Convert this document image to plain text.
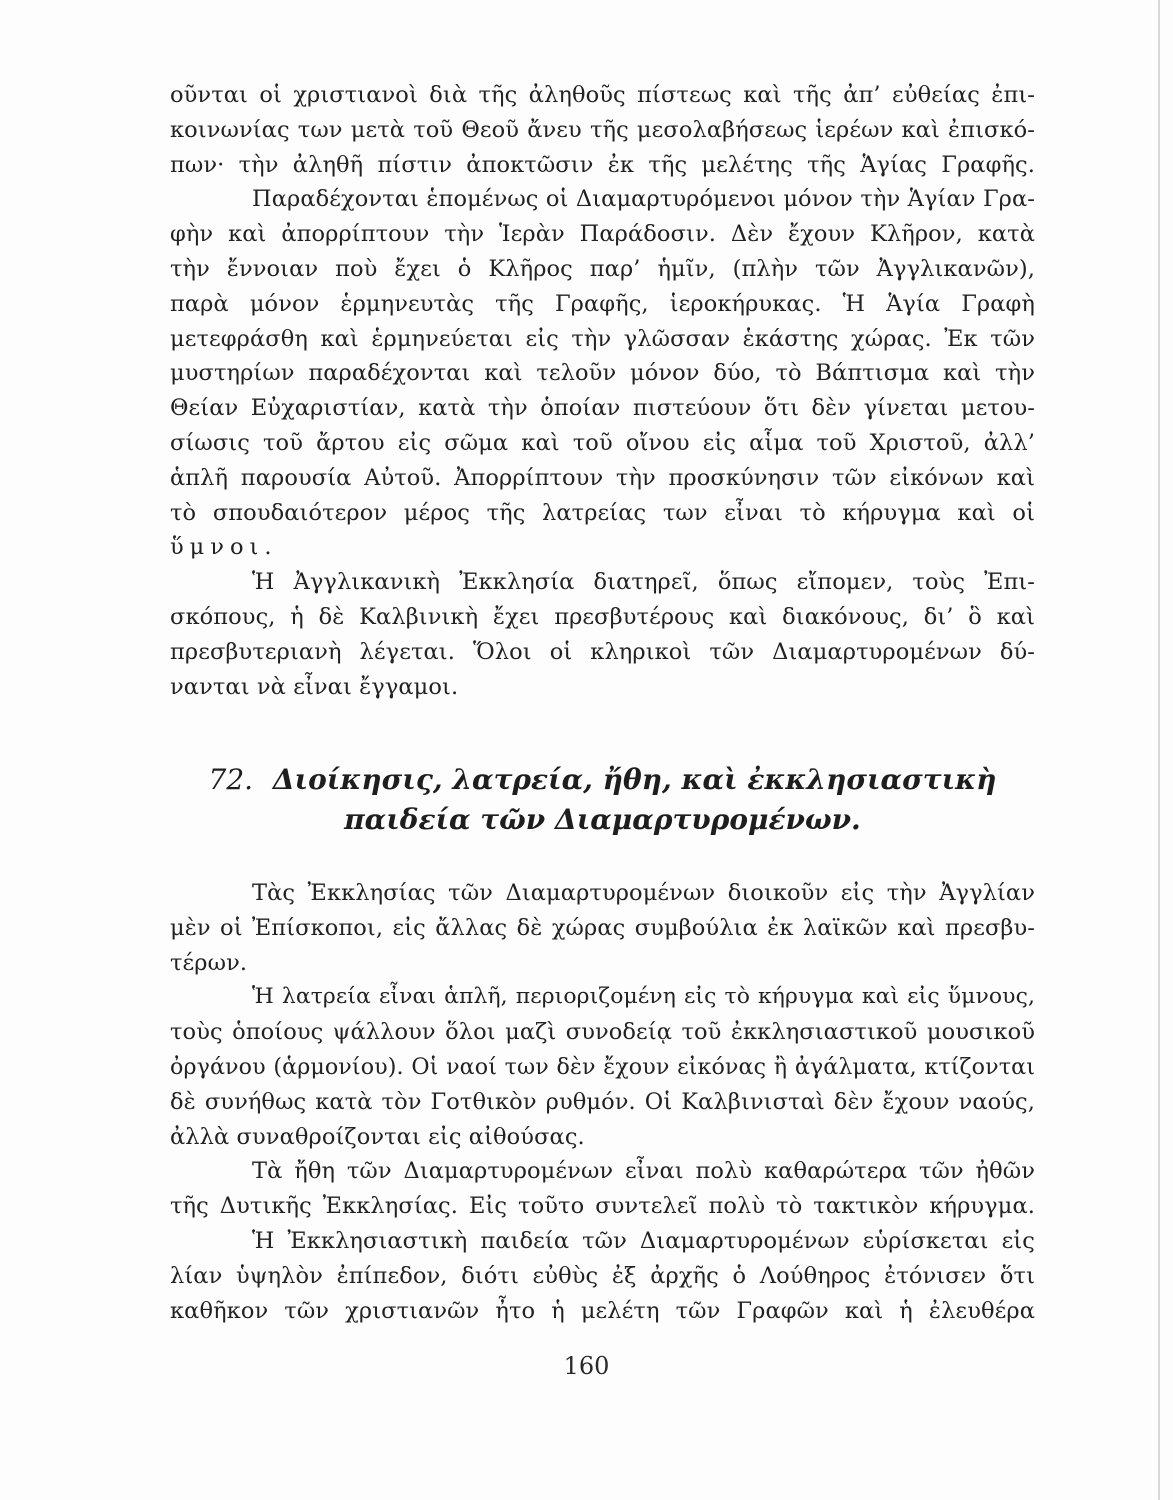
οῦνται οἱ χριστιανοὶ διὰ τῆς ἀληθοῦς πίστεως καὶ τῆς ἀπ’ εὐθείας ἐπι-
κοινωνίας των μετὰ τοῦ Θεοῦ ἄνευ τῆς μεσολαβήσεως ἱερέων καὶ ἐπισκό-
πων· τὴν ἀληθῆ πίστιν ἀποκτῶσιν ἐκ τῆς μελέτης τῆς Ἁγίας Γραφῆς.
Παραδέχονται ἑπομένως οἱ Διαμαρτυρόμενοι μόνον τὴν Ἁγίαν Γρα-
φὴν καὶ ἀπορρίπτουν τὴν Ἱερὰν Παράδοσιν. Δὲν ἔχουν Κλῆρον, κατὰ
τὴν ἔννοιαν ποὺ ἔχει ὁ Κλῆρος παρ’ ἡμῖν, (πλὴν τῶν Ἀγγλικανῶν),
παρὰ μόνον ἑρμηνευτὰς τῆς Γραφῆς, ἱεροκήρυκας. Ἡ Ἁγία Γραφὴ
μετεφράσθη καὶ ἑρμηνεύεται εἰς τὴν γλῶσσαν ἑκάστης χώρας. Ἐκ τῶν
μυστηρίων παραδέχονται καὶ τελοῦν μόνον δύο, τὸ Βάπτισμα καὶ τὴν
Θείαν Εὐχαριστίαν, κατὰ τὴν ὁποίαν πιστεύουν ὅτι δὲν γίνεται μετου-
σίωσις τοῦ ἄρτου εἰς σῶμα καὶ τοῦ οἴνου εἰς αἷμα τοῦ Χριστοῦ, ἀλλ’
ἁπλῆ παρουσία Αὐτοῦ. Ἀπορρίπτουν τὴν προσκύνησιν τῶν εἰκόνων καὶ
τὸ σπουδαιότερον μέρος τῆς λατρείας των εἶναι τὸ κήρυγμα καὶ οἱ
ὕμνοι.
Ἡ Ἀγγλικανικὴ Ἐκκλησία διατηρεῖ, ὅπως εἴπομεν, τοὺς Ἐπι-
σκόπους, ἡ δὲ Καλβινικὴ ἔχει πρεσβυτέρους καὶ διακόνους, δι’ ὃ καὶ
πρεσβυτεριανὴ λέγεται. Ὅλοι οἱ κληρικοὶ τῶν Διαμαρτυρομένων δύ-
νανται νὰ εἶναι ἔγγαμοι.
72. Διοίκησις, λατρεία, ἤθη, καὶ ἐκκλησιαστικὴ
παιδεία τῶν Διαμαρτυρομένων.
Τὰς Ἐκκλησίας τῶν Διαμαρτυρομένων διοικοῦν εἰς τὴν Ἀγγλίαν
μὲν οἱ Ἐπίσκοποι, εἰς ἄλλας δὲ χώρας συμβούλια ἐκ λαϊκῶν καὶ πρεσβυ-
τέρων.
Ἡ λατρεία εἶναι ἁπλῆ, περιοριζομένη εἰς τὸ κήρυγμα καὶ εἰς ὕμνους,
τοὺς ὁποίους ψάλλουν ὅλοι μαζὶ συνοδείᾳ τοῦ ἐκκλησιαστικοῦ μουσικοῦ
ὀργάνου (ἁρμονίου). Οἱ ναοί των δὲν ἔχουν εἰκόνας ἢ ἀγάλματα, κτίζονται
δὲ συνήθως κατὰ τὸν Γοτθικὸν ρυθμόν. Οἱ Καλβινισταὶ δὲν ἔχουν ναούς,
ἀλλὰ συναθροίζονται εἰς αἰθούσας.
Τὰ ἤθη τῶν Διαμαρτυρομένων εἶναι πολὺ καθαρώτερα τῶν ἠθῶν
τῆς Δυτικῆς Ἐκκλησίας. Εἰς τοῦτο συντελεῖ πολὺ τὸ τακτικὸν κήρυγμα.
Ἡ Ἐκκλησιαστικὴ παιδεία τῶν Διαμαρτυρομένων εὑρίσκεται εἰς
λίαν ὑψηλὸν ἐπίπεδον, διότι εὐθὺς ἐξ ἀρχῆς ὁ Λούθηρος ἐτόνισεν ὅτι
καθῆκον τῶν χριστιανῶν ἦτο ἡ μελέτη τῶν Γραφῶν καὶ ἡ ἐλευθέρα
160
